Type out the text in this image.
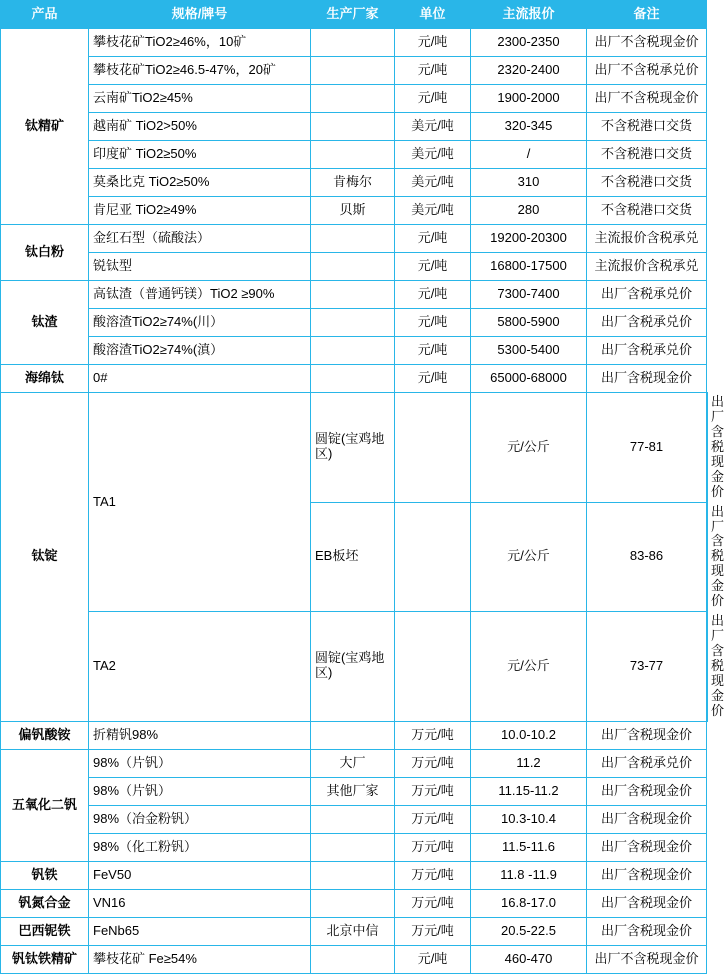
产品	规格/牌号	生产厂家	单位	主流报价	备注	
钛精矿	攀枝花矿TiO2≥46%，10矿		元/吨	2300-2350	出厂不含税现金价	
	攀枝花矿TiO2≥46.5-47%，20矿		元/吨	2320-2400	出厂不含税承兑价	
	云南矿TiO2≥45%		元/吨	1900-2000	出厂不含税现金价	
	越南矿 TiO2>50%		美元/吨	320-345	不含税港口交货	
	印度矿 TiO2≥50%		美元/吨	/	不含税港口交货	
	莫桑比克 TiO2≥50%	肯梅尔	美元/吨	310	不含税港口交货	
	肯尼亚 TiO2≥49%	贝斯	美元/吨	280	不含税港口交货	
钛白粉	金红石型（硫酸法）		元/吨	19200-20300	主流报价含税承兑	
	锐钛型		元/吨	16800-17500	主流报价含税承兑	
钛渣	高钛渣（普通钙镁）TiO2 ≥90%		元/吨	7300-7400	出厂含税承兑价	
	酸溶渣TiO2≥74%(川）		元/吨	5800-5900	出厂含税承兑价	
	酸溶渣TiO2≥74%(滇）		元/吨	5300-5400	出厂含税承兑价	
海绵钛	0#		元/吨	65000-68000	出厂含税现金价	
钛锭	TA1	圆锭(宝鸡地区)		元/公斤	77-81	出厂含税现金价
		EB板坯		元/公斤	83-86	出厂含税现金价
	TA2	圆锭(宝鸡地区)		元/公斤	73-77	出厂含税现金价
偏钒酸铵	折精钒98%		万元/吨	10.0-10.2	出厂含税现金价	
五氧化二钒	98%（片钒）	大厂	万元/吨	11.2	出厂含税承兑价	
	98%（片钒）	其他厂家	万元/吨	11.15-11.2	出厂含税现金价	
	98%（冶金粉钒）		万元/吨	10.3-10.4	出厂含税现金价	
	98%（化工粉钒）		万元/吨	11.5-11.6	出厂含税现金价	
钒铁	FeV50		万元/吨	11.8 -11.9	出厂含税现金价	
钒氮合金	VN16		万元/吨	16.8-17.0	出厂含税现金价	
巴西铌铁	FeNb65	北京中信	万元/吨	20.5-22.5	出厂含税现金价	
钒钛铁精矿	攀枝花矿 Fe≥54%		元/吨	460-470	出厂不含税现金价	
